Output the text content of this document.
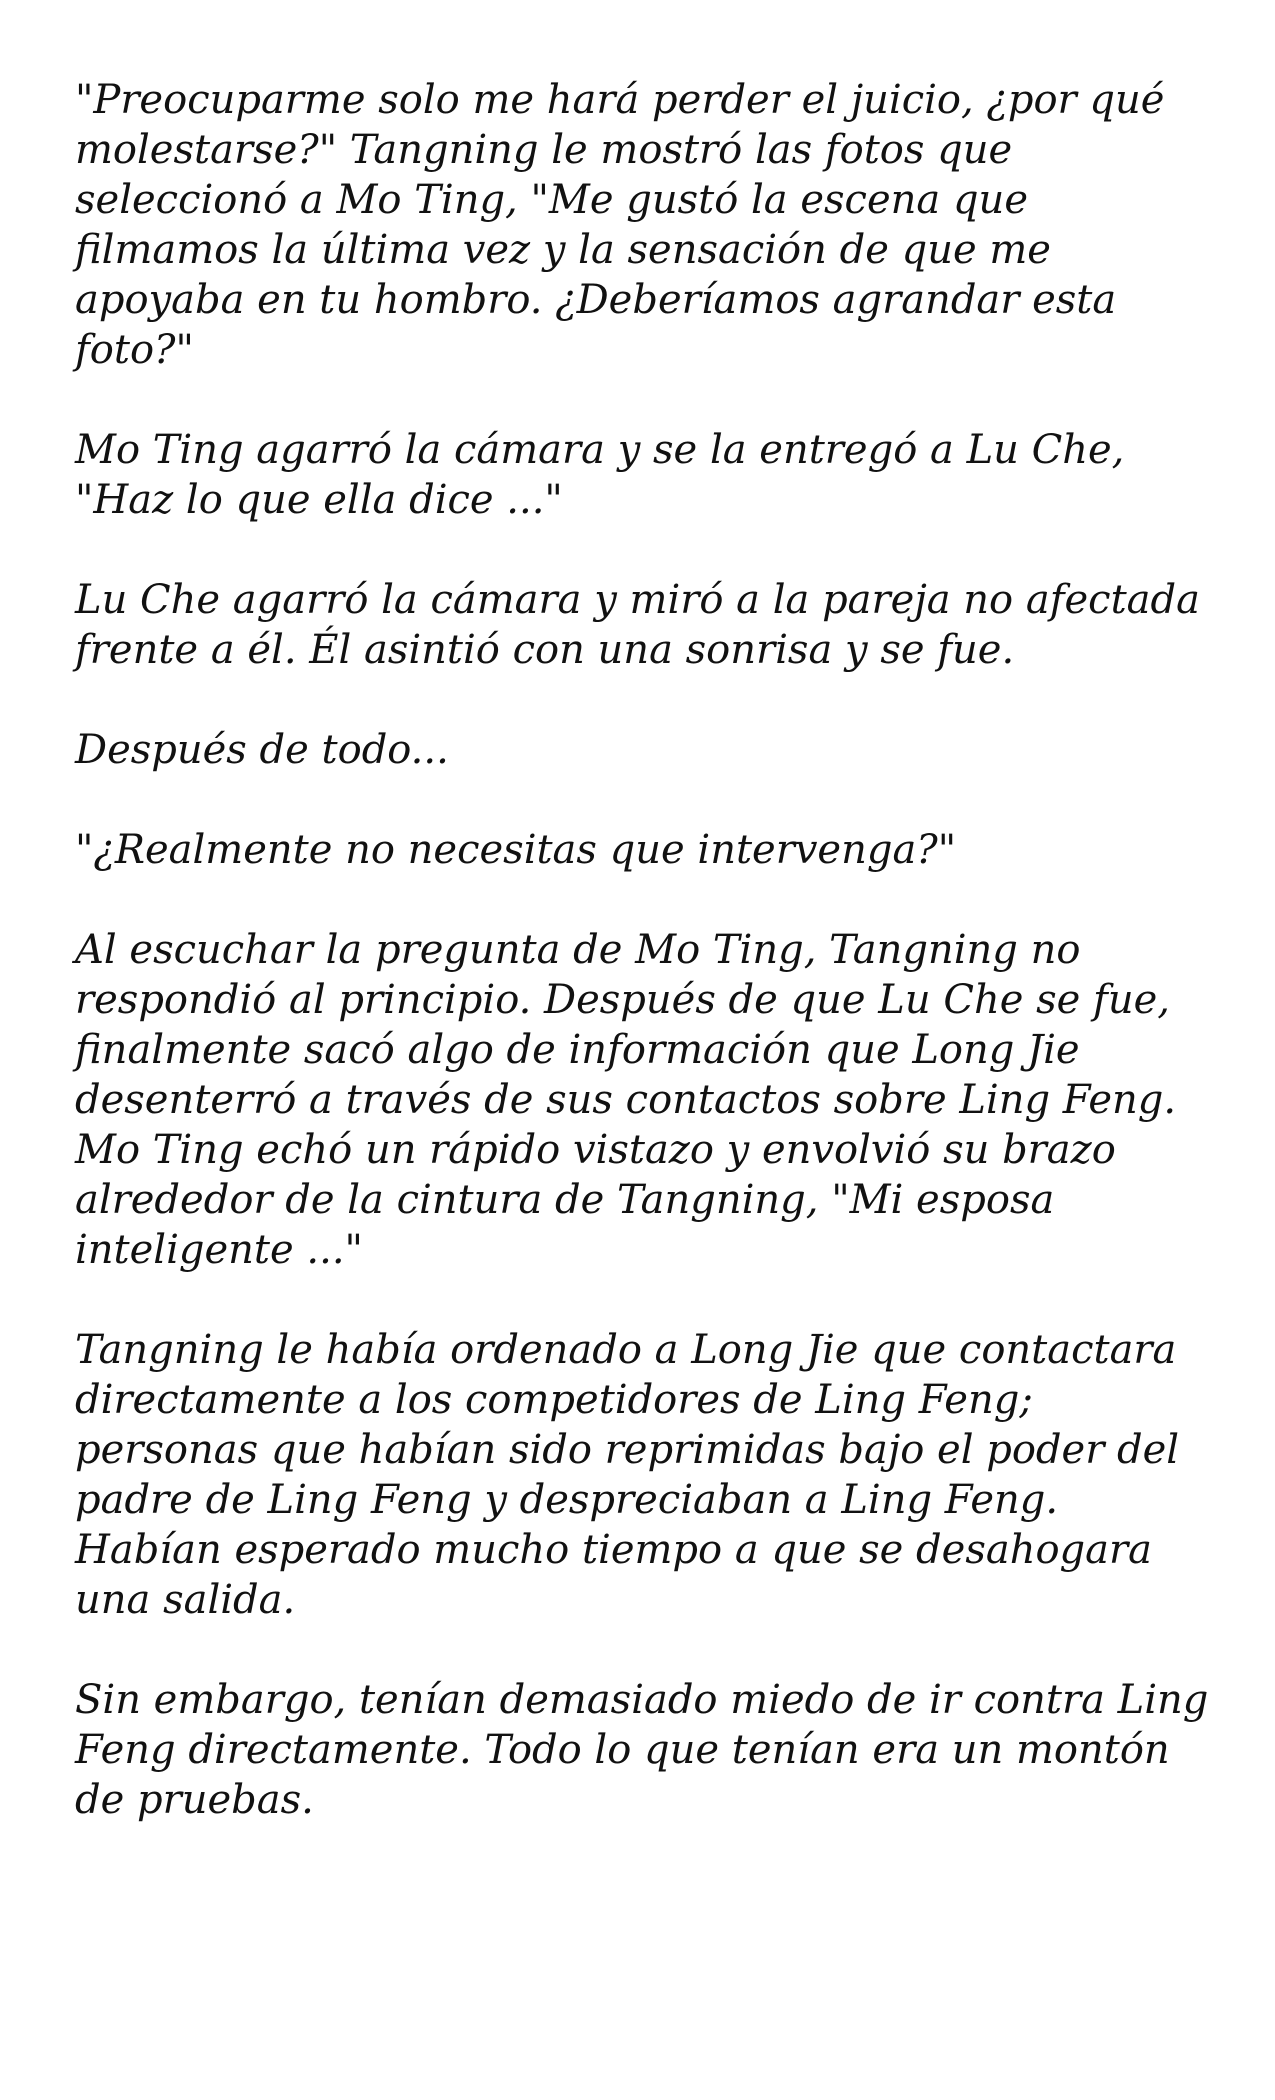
"Preocuparme solo me hará perder el juicio, ¿por qué molestarse?" Tangning le mostró las fotos que seleccionó a Mo Ting, "Me gustó la escena que filmamos la última vez y la sensación de que me apoyaba en tu hombro. ¿Deberíamos agrandar esta foto?"

Mo Ting agarró la cámara y se la entregó a Lu Che, "Haz lo que ella dice ..."

Lu Che agarró la cámara y miró a la pareja no afectada frente a él. Él asintió con una sonrisa y se fue.

Después de todo...

"¿Realmente no necesitas que intervenga?"

Al escuchar la pregunta de Mo Ting, Tangning no respondió al principio. Después de que Lu Che se fue, finalmente sacó algo de información que Long Jie desenterró a través de sus contactos sobre Ling Feng. Mo Ting echó un rápido vistazo y envolvió su brazo alrededor de la cintura de Tangning, "Mi esposa inteligente ..."

Tangning le había ordenado a Long Jie que contactara directamente a los competidores de Ling Feng; personas que habían sido reprimidas bajo el poder del padre de Ling Feng y despreciaban a Ling Feng. Habían esperado mucho tiempo a que se desahogara una salida.

Sin embargo, tenían demasiado miedo de ir contra Ling Feng directamente. Todo lo que tenían era un montón de pruebas.
